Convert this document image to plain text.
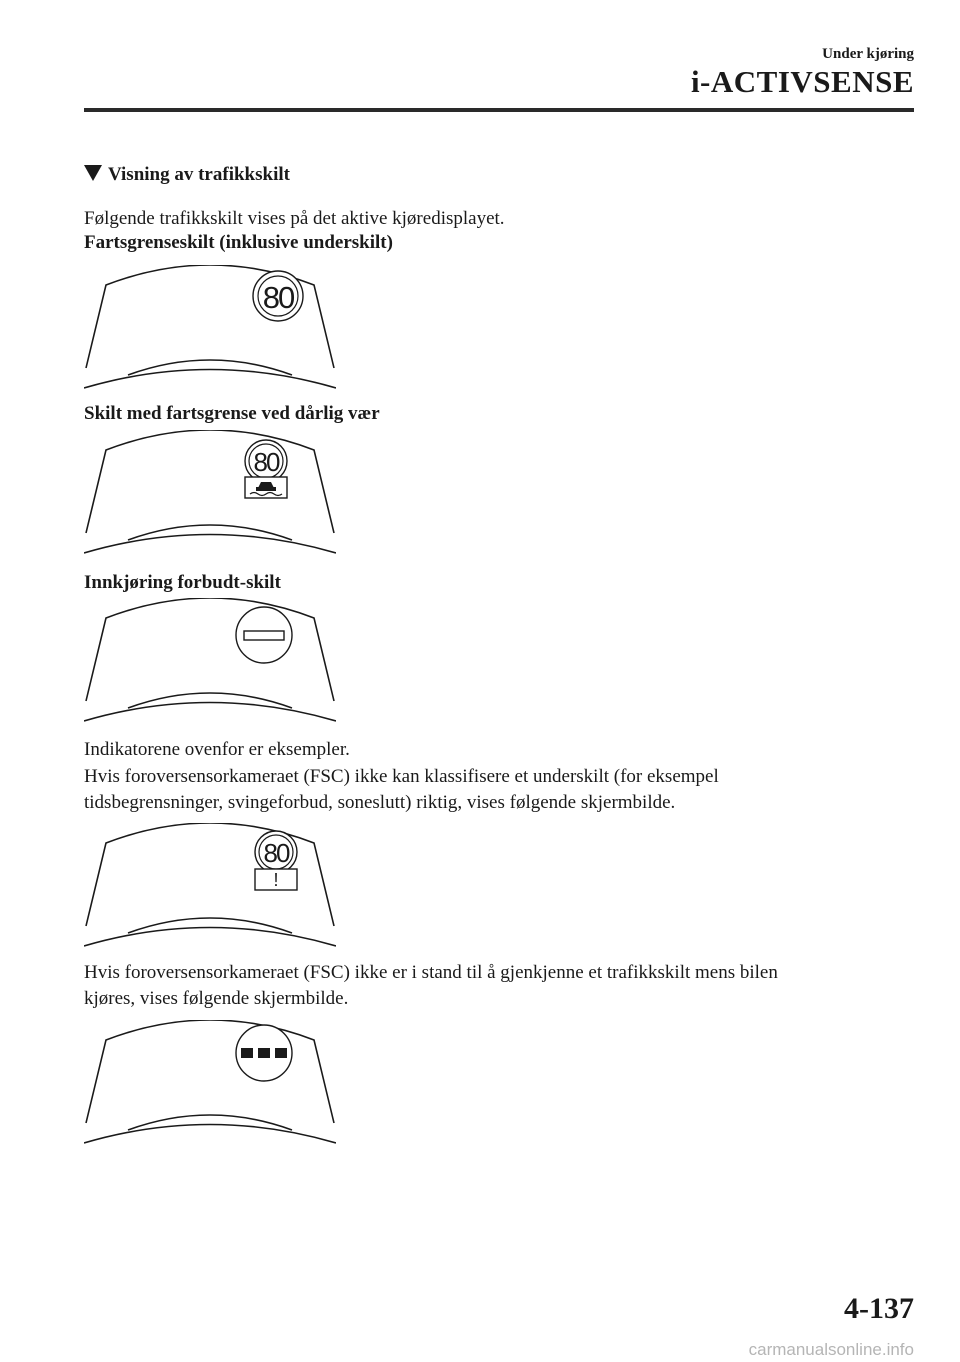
Under kjøring
i-ACTIVSENSE
Visning av trafikkskilt
Følgende trafikkskilt vises på det aktive kjøredisplayet.
Fartsgrenseskilt (inklusive underskilt)
80
Skilt med fartsgrense ved dårlig vær
80
Innkjøring forbudt-skilt
Indikatorene ovenfor er eksempler.
Hvis foroversensorkameraet (FSC) ikke kan klassifisere et underskilt (for eksempel
tidsbegrensninger, svingeforbud, soneslutt) riktig, vises følgende skjermbilde.
80
!
Hvis foroversensorkameraet (FSC) ikke er i stand til å gjenkjenne et trafikkskilt mens bilen
kjøres, vises følgende skjermbilde.
4-137
carmanualsonline.info
